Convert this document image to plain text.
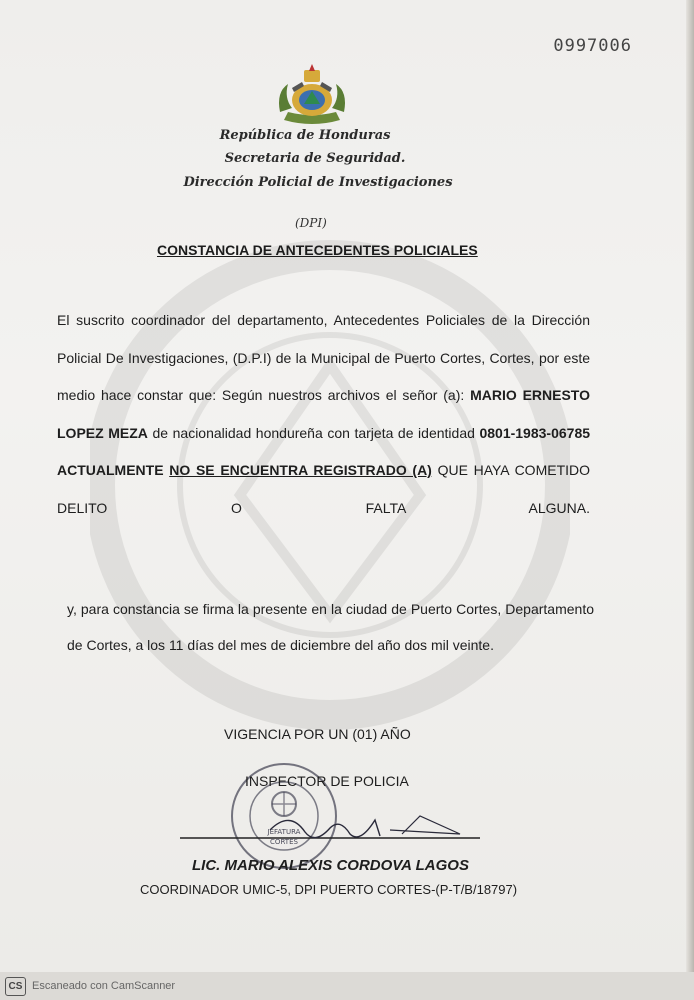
0997006
República de Honduras
Secretaria de Seguridad.
Dirección Policial de Investigaciones
(DPI)
CONSTANCIA DE ANTECEDENTES POLICIALES
El suscrito coordinador del departamento, Antecedentes Policiales de la Dirección Policial De Investigaciones, (D.P.I) de la Municipal de Puerto Cortes, Cortes, por este medio hace constar que: Según nuestros archivos el señor (a): MARIO ERNESTO LOPEZ MEZA de nacionalidad hondureña con tarjeta de identidad 0801-1983-06785 ACTUALMENTE NO SE ENCUENTRA REGISTRADO (A) QUE HAYA COMETIDO DELITO O FALTA ALGUNA.
y, para constancia se firma la presente en la ciudad de Puerto Cortes, Departamento de Cortes, a los 11 días del mes de diciembre del año dos mil veinte.
VIGENCIA POR UN (01) AÑO
JEFATURA
CORTES
INSPECTOR DE POLICIA
LIC. MARIO ALEXIS CORDOVA LAGOS
COORDINADOR UMIC-5, DPI PUERTO CORTES-(P-T/B/18797)
CS Escaneado con CamScanner
